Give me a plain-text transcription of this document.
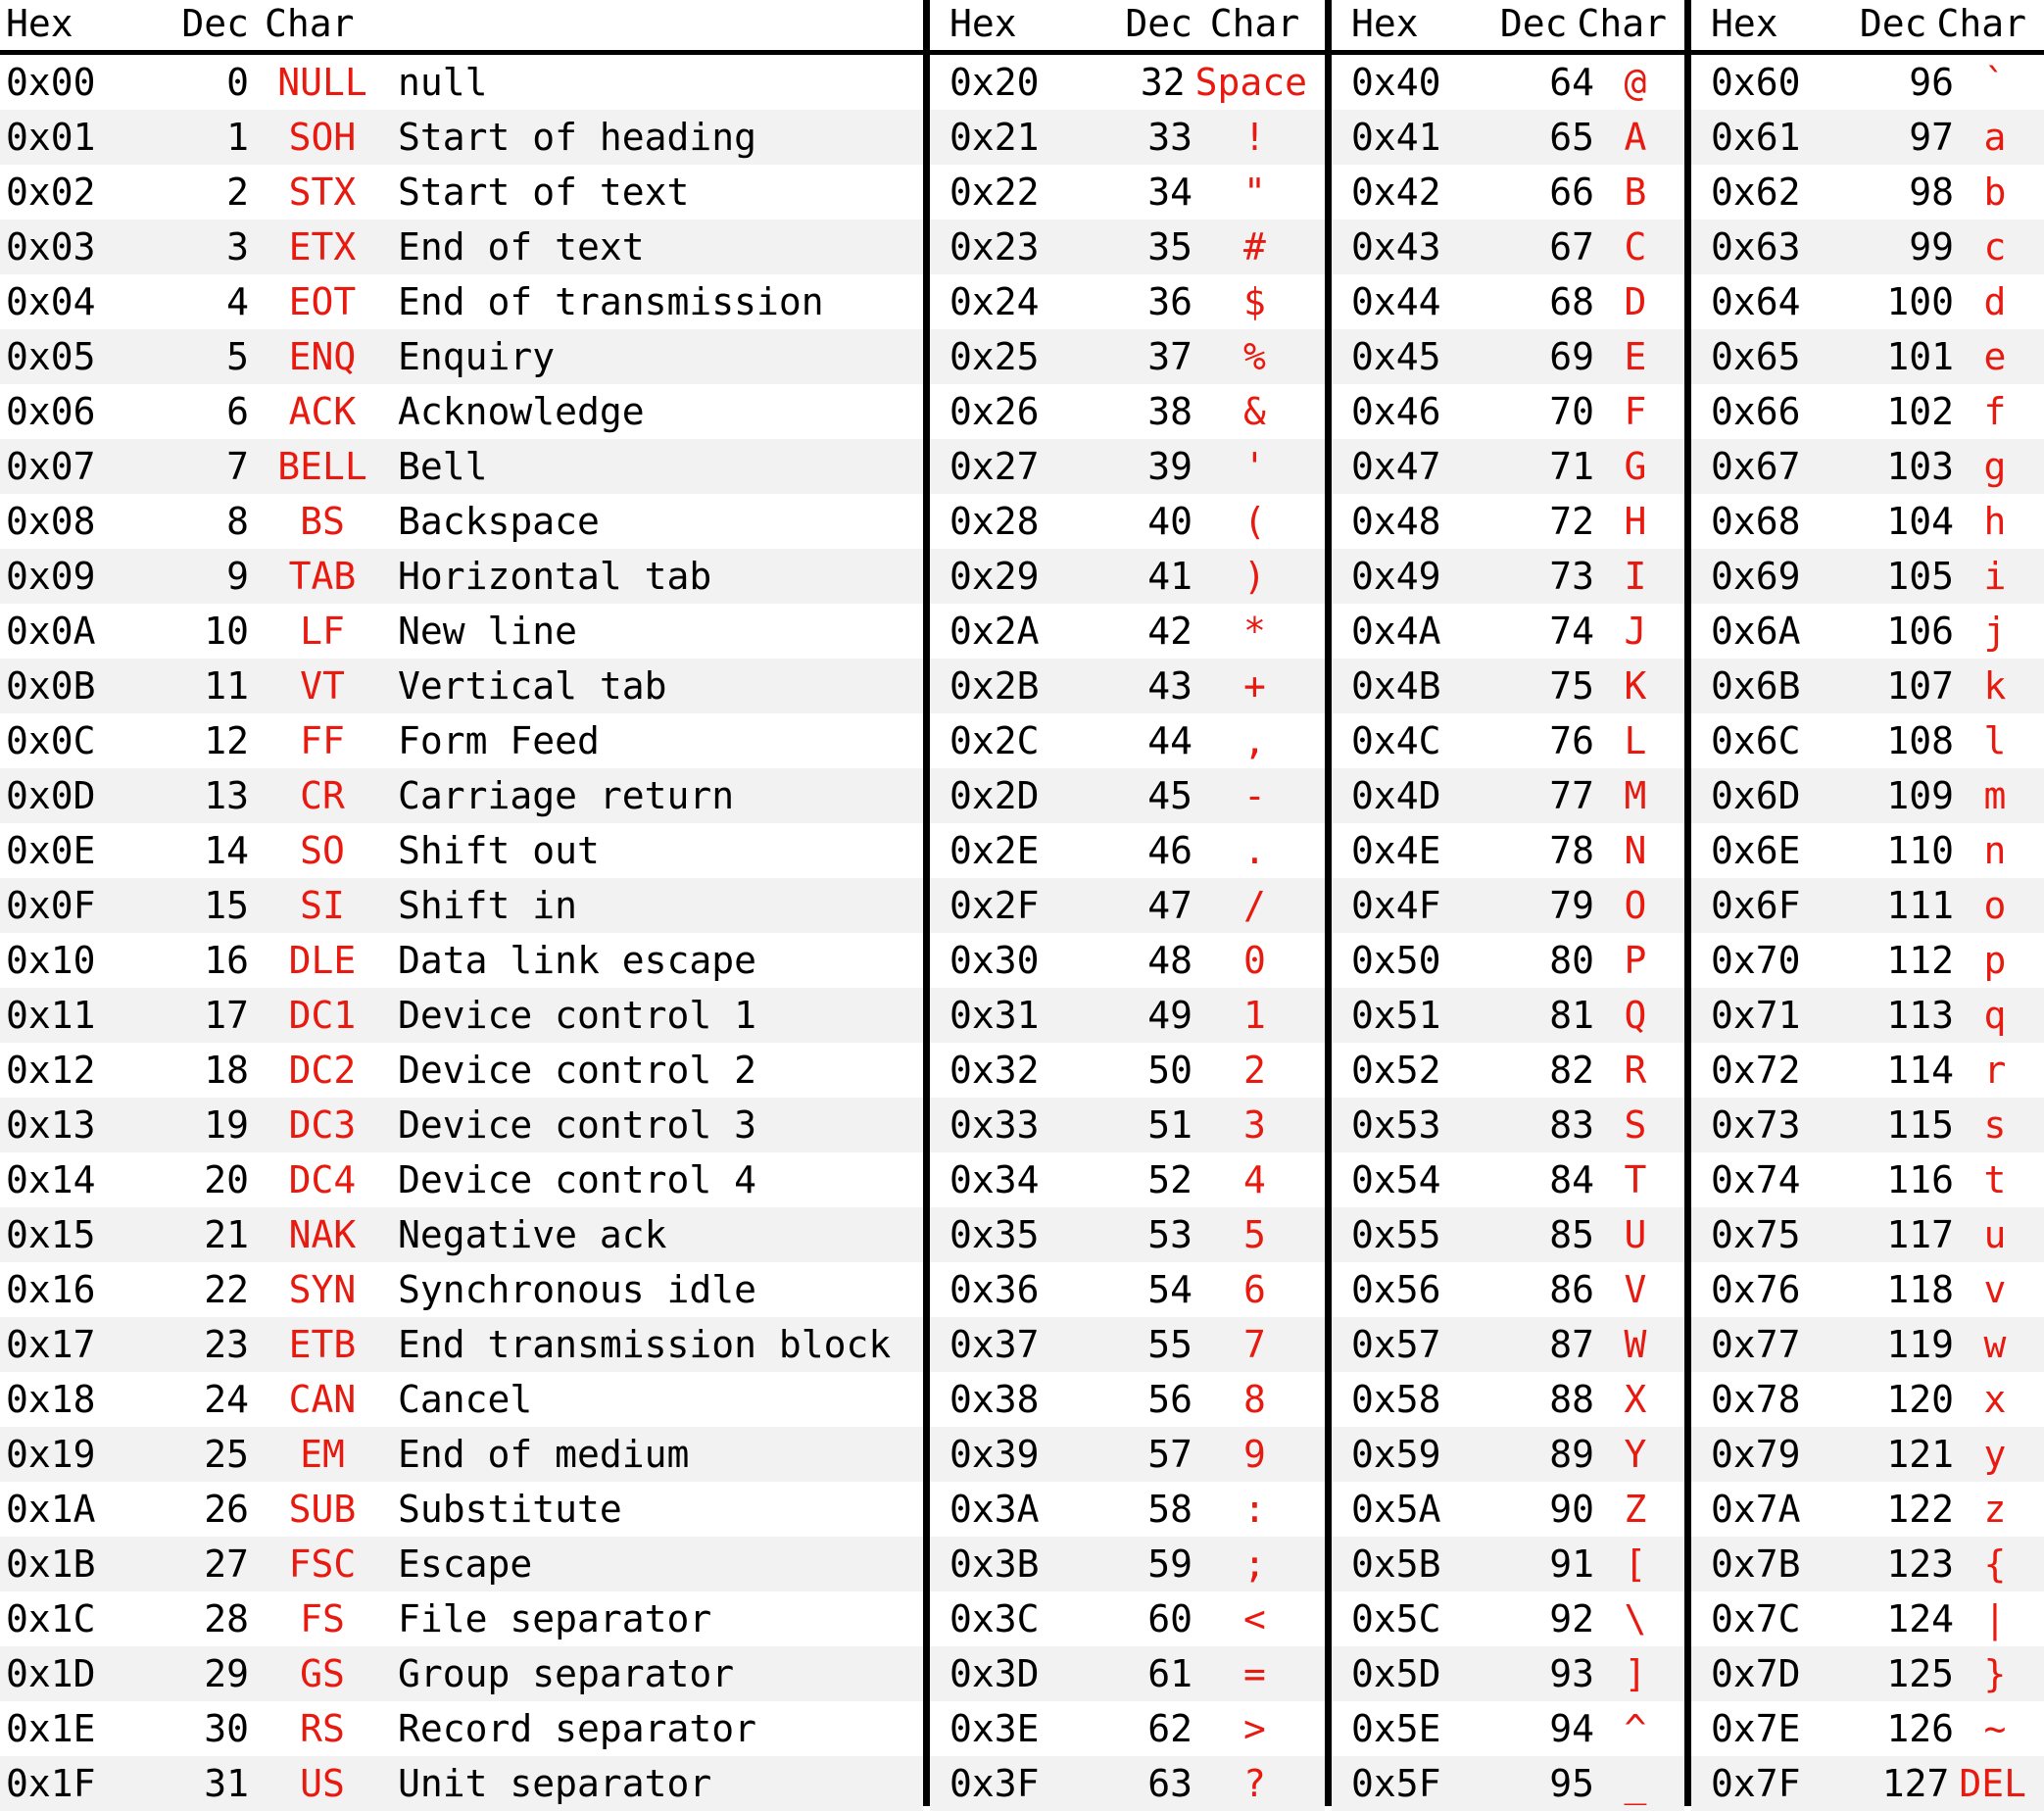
Hex	Dec Char
0x00	0 NULL null
0x01	1	SOH	Start of heading
0x02	2	STX	Start of text
0x03	3	ETX	End of text
0x04	4	EOT	End of transmission
0x05	5	ENQ	Enquiry
0x06	6	ACK	Acknowledge
0x07	7 BELL Bell
0x08	8	BS	Backspace
0x09	9	TAB	Horizontal tab
0x0A	10	LF	New line
0x0B	11	VT	Vertical tab
0x0C	12	FF	Form Feed
0x0D	13	CR	Carriage return
0x0E	14	SO	Shift out
0x0F	15	SI	Shift in
0x10	16	DLE	Data link escape
0x11	17	DC1	Device control 1
0x12	18	DC2	Device control 2
0x13	19	DC3	Device control 3
0x14	20	DC4	Device control 4
0x15	21	NAK	Negative ack
0x16	22	SYN	Synchronous idle
0x17	23	ETB	End transmission block
0x18	24	CAN	Cancel
0x19	25	EM	End of medium
0x1A	26	SUB	Substitute
0x1B	27	FSC	Escape
0x1C	28	FS	File separator
0x1D	29	GS	Group separator
0x1E	30	RS	Record separator
0x1F	31	US	Unit separator
Hex	Dec Char
0x20	32 Space
0x21	33	!
0x22	34	"
0x23	35	#
0x24	36	$
0x25	37	%
0x26	38	&
0x27	39	'
0x28	40	(
0x29	41	)
0x2A	42	*
0x2B	43	+
0x2C	44	,
0x2D	45	-
0x2E	46	.
0x2F	47	/
0x30	48	0
0x31	49	1
0x32	50	2
0x33	51	3
0x34	52	4
0x35	53	5
0x36	54	6
0x37	55	7
0x38	56	8
0x39	57	9
0x3A	58	:
0x3B	59	;
0x3C	60	<
0x3D	61	=
0x3E	62	>
0x3F	63	?
Hex	Dec Char
0x40	64 @
0x41	65 A
0x42	66 B
0x43	67 C
0x44	68 D
0x45	69 E
0x46	70 F
0x47	71 G
0x48	72 H
0x49	73 I
0x4A	74 J
0x4B	75 K
0x4C	76 L
0x4D	77 M
0x4E	78 N
0x4F	79 O
0x50	80 P
0x51	81 Q
0x52	82 R
0x53	83 S
0x54	84 T
0x55	85 U
0x56	86 V
0x57	87 W
0x58	88 X
0x59	89 Y
0x5A	90 Z
0x5B	91 [
0x5C	92 \
0x5D	93 ]
0x5E	94 ^
0x5F	95 _
Hex	Dec Char
0x60	96 `
0x61	97 a
0x62	98 b
0x63	99 c
0x64	100 d
0x65	101 e
0x66	102 f
0x67	103 g
0x68	104 h
0x69	105 i
0x6A	106 j
0x6B	107 k
0x6C	108 l
0x6D	109 m
0x6E	110 n
0x6F	111 o
0x70	112 p
0x71	113 q
0x72	114 r
0x73	115 s
0x74	116 t
0x75	117 u
0x76	118 v
0x77	119 w
0x78	120 x
0x79	121 y
0x7A	122 z
0x7B	123 {
0x7C	124 |
0x7D	125 }
0x7E	126 ~
0x7F	127 DEL
